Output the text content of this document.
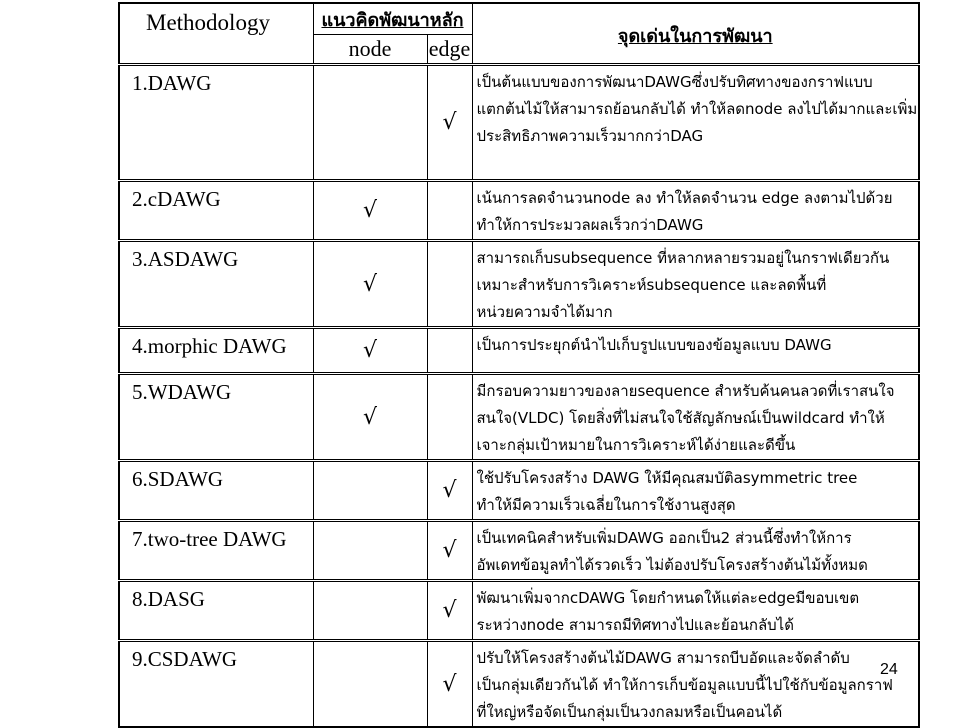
Methodology	แนวคิดพัฒนาหลัก		จุดเด่นในการพัฒนา
	node	edge	
1.DAWG		√	เป็นต้นแบบของการพัฒนาDAWGซึ่งปรับทิศทางของกราฟแบบ
แตกต้นไม้ให้สามารถย้อนกลับได้ ทำให้ลดnode ลงไปได้มากและเพิ่ม
ประสิทธิภาพความเร็วมากกว่าDAG

2.cDAWG	√		เน้นการลดจำนวนnode ลง ทำให้ลดจำนวน edge ลงตามไปด้วย
ทำให้การประมวลผลเร็วกว่าDAWG

3.ASDAWG	√		สามารถเก็บsubsequence ที่หลากหลายรวมอยู่ในกราฟเดียวกัน
เหมาะสำหรับการวิเคราะห์subsequence และลดพื้นที่
หน่วยความจำได้มาก

4.morphic DAWG	√		เป็นการประยุกต์นำไปเก็บรูปแบบของข้อมูลแบบ DAWG

5.WDAWG	√		มีกรอบความยาวของลายsequence สำหรับค้นคนลวดที่เราสนใจ
สนใจ(VLDC) โดยสิ่งที่ไม่สนใจใช้สัญลักษณ์เป็นwildcard ทำให้
เจาะกลุ่มเป้าหมายในการวิเคราะห์ได้ง่ายและดีขึ้น

6.SDAWG		√	ใช้ปรับโครงสร้าง DAWG ให้มีคุณสมบัติasymmetric tree
ทำให้มีความเร็วเฉลี่ยในการใช้งานสูงสุด

7.two-tree DAWG		√	เป็นเทคนิคสำหรับเพิ่มDAWG ออกเป็น2 ส่วนนี้ซึ่งทำให้การ
อัพเดทข้อมูลทำได้รวดเร็ว ไม่ต้องปรับโครงสร้างต้นไม้ทั้งหมด

8.DASG		√	พัฒนาเพิ่มจากcDAWG โดยกำหนดให้แต่ละedgeมีขอบเขต
ระหว่างnode สามารถมีทิศทางไปและย้อนกลับได้

9.CSDAWG		√	ปรับให้โครงสร้างต้นไม้DAWG สามารถบีบอัดและจัดลำดับ
เป็นกลุ่มเดียวกันได้ ทำให้การเก็บข้อมูลแบบนี้ไปใช้กับข้อมูลกราฟ
ที่ใหญ่หรือจัดเป็นกลุ่มเป็นวงกลมหรือเป็นคอนได้
24
